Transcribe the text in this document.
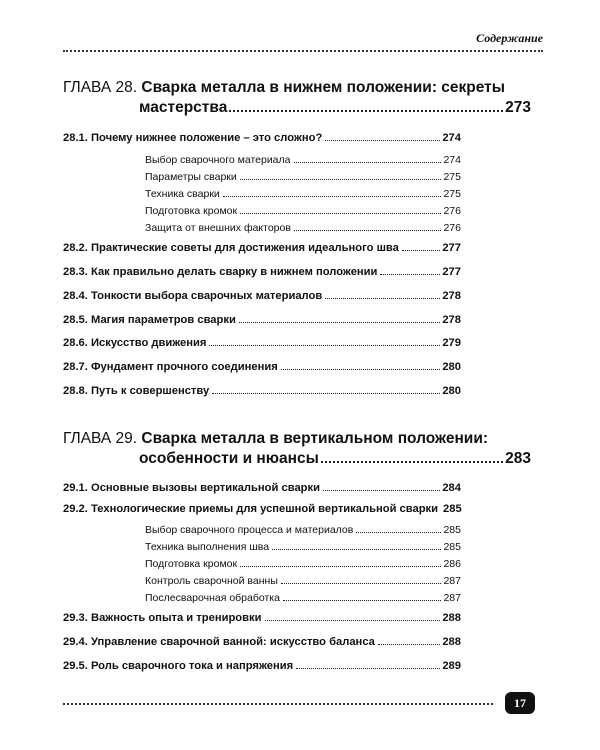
Содержание
ГЛАВА 28. Сварка металла в нижнем положении: секреты
мастерства	273
28.1. Почему нижнее положение – это сложно?	274
Выбор сварочного материала	274
Параметры сварки	275
Техника сварки	275
Подготовка кромок	276
Защита от внешних факторов	276
28.2. Практические советы для достижения идеального шва	277
28.3. Как правильно делать сварку в нижнем положении	277
28.4. Тонкости выбора сварочных материалов	278
28.5. Магия параметров сварки	278
28.6. Искусство движения	279
28.7. Фундамент прочного соединения	280
28.8. Путь к совершенству	280
ГЛАВА 29. Сварка металла в вертикальном положении:
особенности и нюансы	283
29.1. Основные вызовы вертикальной сварки	284
29.2. Технологические приемы для успешной вертикальной сварки 285
Выбор сварочного процесса и материалов	285
Техника выполнения шва	285
Подготовка кромок	286
Контроль сварочной ванны	287
Послесварочная обработка	287
29.3. Важность опыта и тренировки	288
29.4. Управление сварочной ванной: искусство баланса	288
29.5. Роль сварочного тока и напряжения	289
17
